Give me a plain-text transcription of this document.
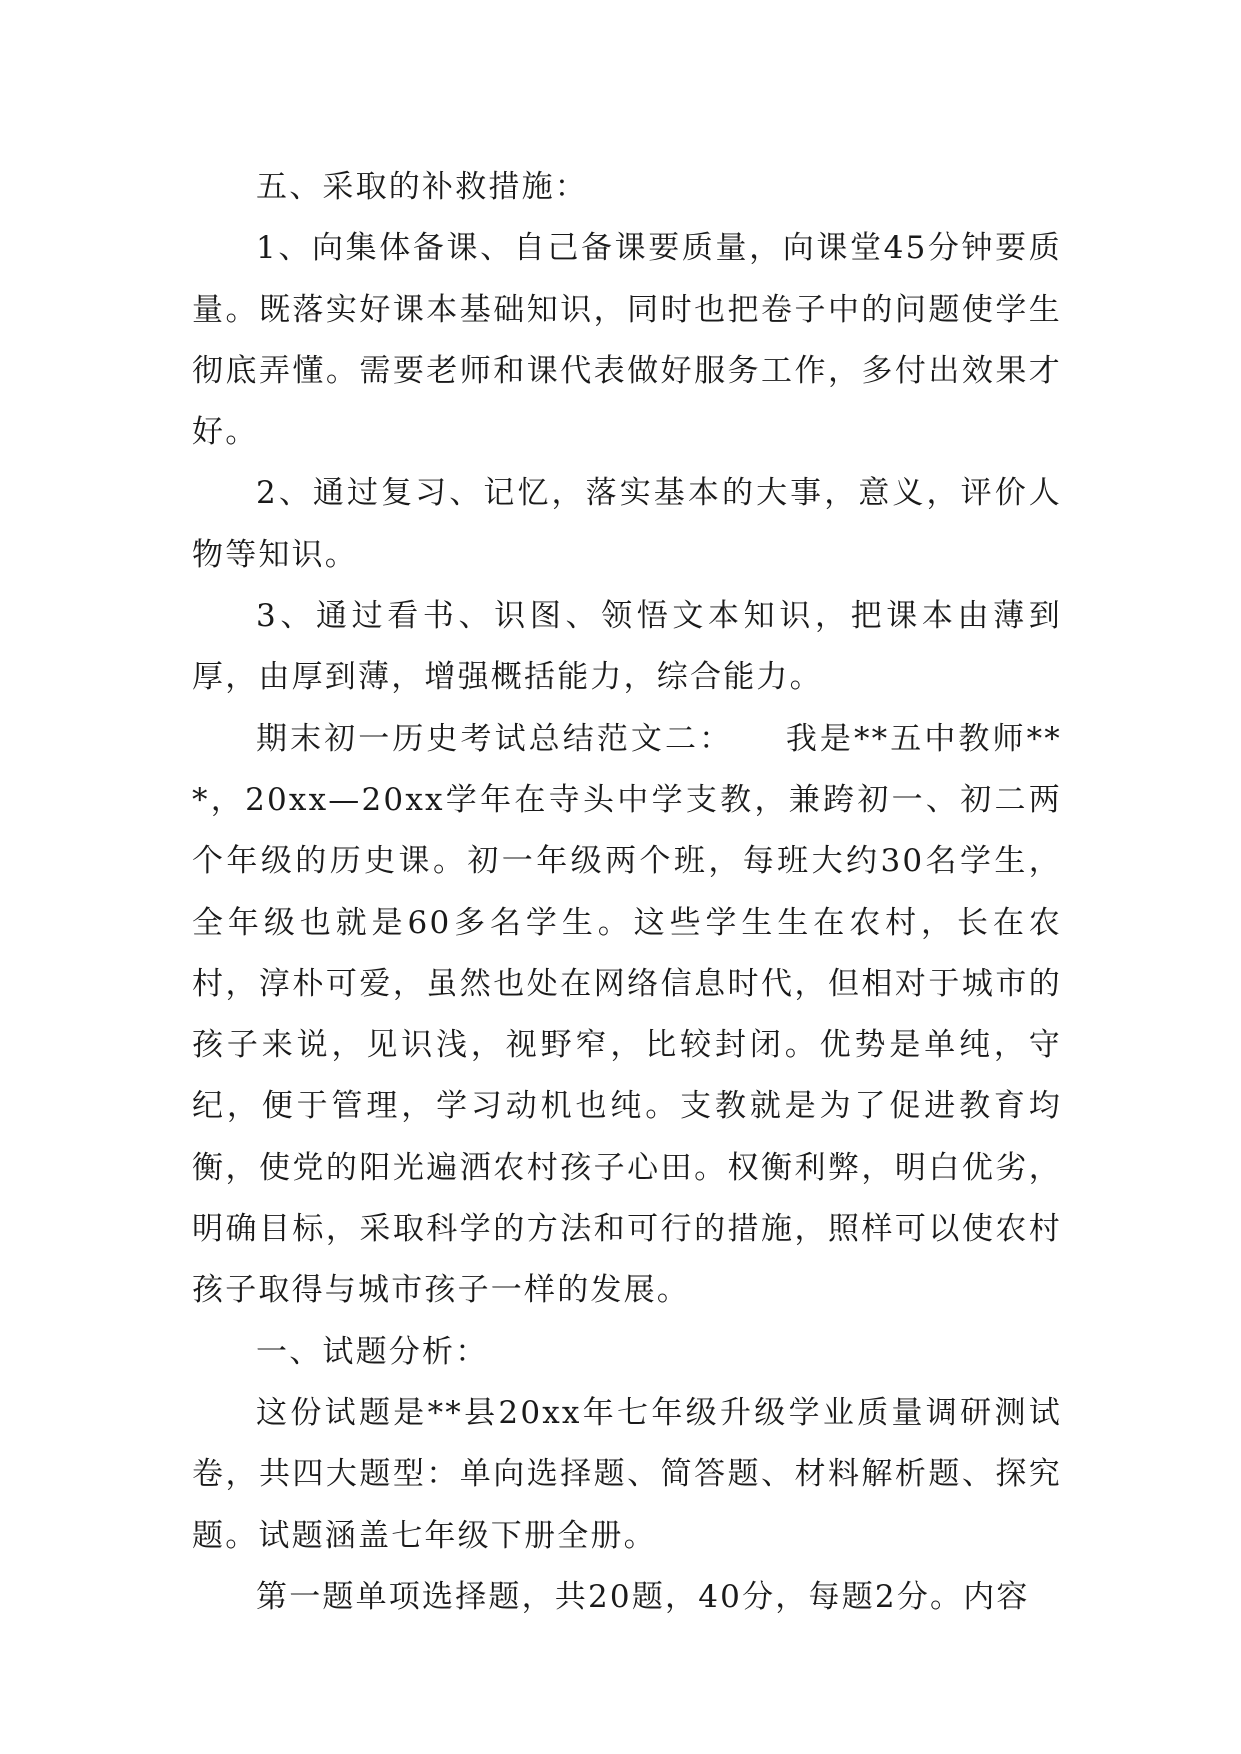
五、采取的补救措施：

1、向集体备课、自己备课要质量，向课堂45分钟要质量。既落实好课本基础知识，同时也把卷子中的问题使学生彻底弄懂。需要老师和课代表做好服务工作，多付出效果才好。

2、通过复习、记忆，落实基本的大事，意义，评价人物等知识。

3、通过看书、识图、领悟文本知识，把课本由薄到厚，由厚到薄，增强概括能力，综合能力。

期末初一历史考试总结范文二：　　我是**五中教师***，20xx—20xx学年在寺头中学支教，兼跨初一、初二两个年级的历史课。初一年级两个班，每班大约30名学生，全年级也就是60多名学生。这些学生生在农村，长在农村，淳朴可爱，虽然也处在网络信息时代，但相对于城市的孩子来说，见识浅，视野窄，比较封闭。优势是单纯，守纪，便于管理，学习动机也纯。支教就是为了促进教育均衡，使党的阳光遍洒农村孩子心田。权衡利弊，明白优劣，明确目标，采取科学的方法和可行的措施，照样可以使农村孩子取得与城市孩子一样的发展。

一、试题分析：

这份试题是**县20xx年七年级升级学业质量调研测试卷，共四大题型：单向选择题、简答题、材料解析题、探究题。试题涵盖七年级下册全册。

第一题单项选择题，共20题，40分，每题2分。内容
